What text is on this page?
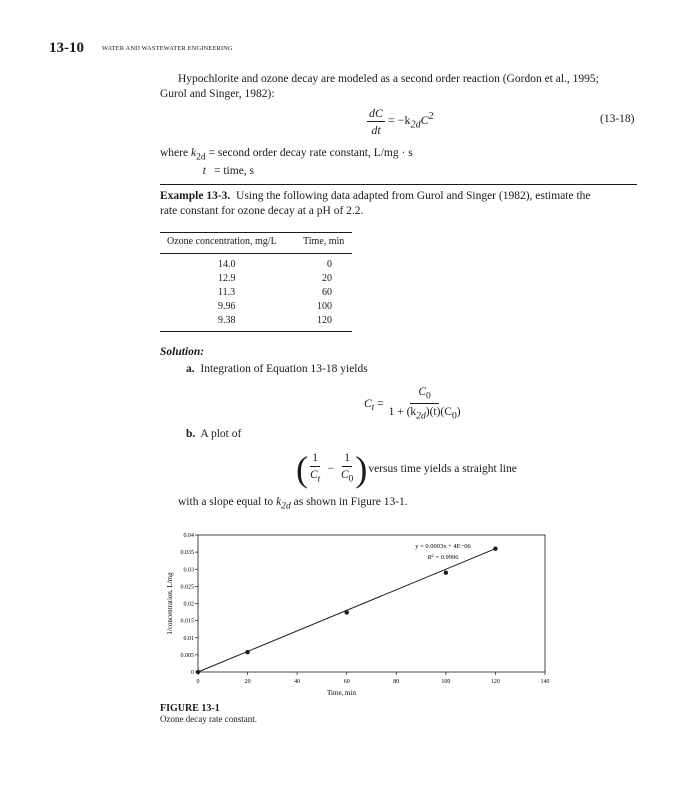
13-10	WATER AND WASTEWATER ENGINEERING
Hypochlorite and ozone decay are modeled as a second order reaction (Gordon et al., 1995;
Gurol and Singer, 1982):
$\frac{dC}{dt} = -k_{2d}C^2$	(13-18)
where $k_{2d}$ = second order decay rate constant, L/mg · s
t = time, s
Example 13-3. Using the following data adapted from Gurol and Singer (1982), estimate the
rate constant for ozone decay at a pH of 2.2.
Ozone concentration, mg/L	Time, min
14.0	0
12.9	20
11.3	60
9.96	100
9.38	120
Solution:
a. Integration of Equation 13-18 yields
$C_t = \frac{C_0}{1 + (k_{2d})(t)(C_0)}$
b. A plot of
( $\frac{1}{C_t} - \frac{1}{C_0}$ ) versus time yields a straight line
with a slope equal to $k_{2d}$ as shown in Figure 13-1.
0
0.005
0.01
0.015
0.02
0.025
0.03
0.035
0.04
0	20	40	60	80	100	120	140
y = 0.0003x + 4E−06
$R^2 = 0.9996$
Time, min
1/concentration, L/mg
FIGURE 13-1
Ozone decay rate constant.
